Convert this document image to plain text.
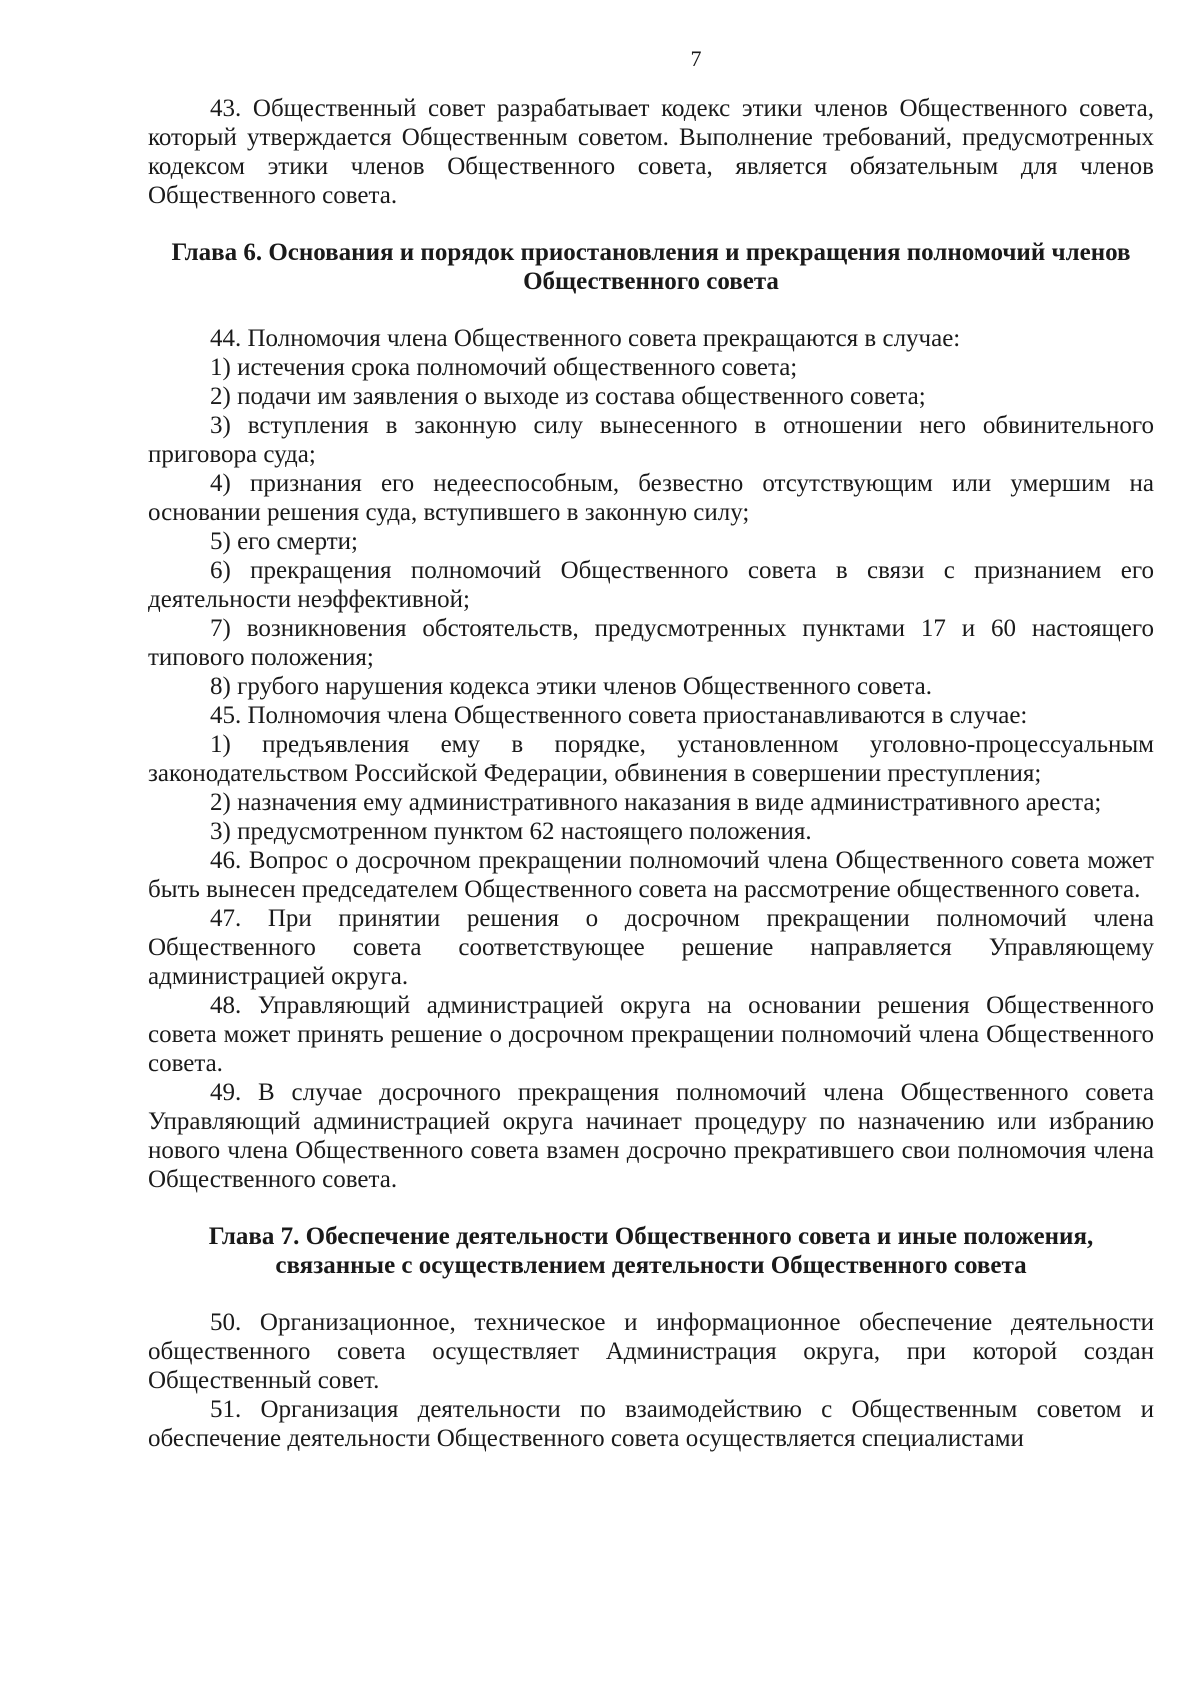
7

43. Общественный совет разрабатывает кодекс этики членов Общественного совета, который утверждается Общественным советом. Выполнение требований, предусмотренных кодексом этики членов Общественного совета, является обязательным для членов Общественного совета.

Глава 6. Основания и порядок приостановления и прекращения полномочий членов Общественного совета

44. Полномочия члена Общественного совета прекращаются в случае:

1) истечения срока полномочий общественного совета;

2) подачи им заявления о выходе из состава общественного совета;

3) вступления в законную силу вынесенного в отношении него обвинительного приговора суда;

4) признания его недееспособным, безвестно отсутствующим или умершим на основании решения суда, вступившего в законную силу;

5) его смерти;

6) прекращения полномочий Общественного совета в связи с признанием его деятельности неэффективной;

7) возникновения обстоятельств, предусмотренных пунктами 17 и 60 настоящего типового положения;

8) грубого нарушения кодекса этики членов Общественного совета.

45. Полномочия члена Общественного совета приостанавливаются в случае:

1) предъявления ему в порядке, установленном уголовно-процессуальным законодательством Российской Федерации, обвинения в совершении преступления;

2) назначения ему административного наказания в виде административного ареста;

3) предусмотренном пунктом 62 настоящего положения.

46. Вопрос о досрочном прекращении полномочий члена Общественного совета может быть вынесен председателем Общественного совета на рассмотрение общественного совета.

47. При принятии решения о досрочном прекращении полномочий члена Общественного совета соответствующее решение направляется Управляющему администрацией округа.

48. Управляющий администрацией округа на основании решения Общественного совета может принять решение о досрочном прекращении полномочий члена Общественного совета.

49. В случае досрочного прекращения полномочий члена Общественного совета Управляющий администрацией округа начинает процедуру по назначению или избранию нового члена Общественного совета взамен досрочно прекратившего свои полномочия члена Общественного совета.

Глава 7. Обеспечение деятельности Общественного совета и иные положения, связанные с осуществлением деятельности Общественного совета

50. Организационное, техническое и информационное обеспечение деятельности общественного совета осуществляет Администрация округа, при которой создан Общественный совет.

51. Организация деятельности по взаимодействию с Общественным советом и обеспечение деятельности Общественного совета осуществляется специалистами
